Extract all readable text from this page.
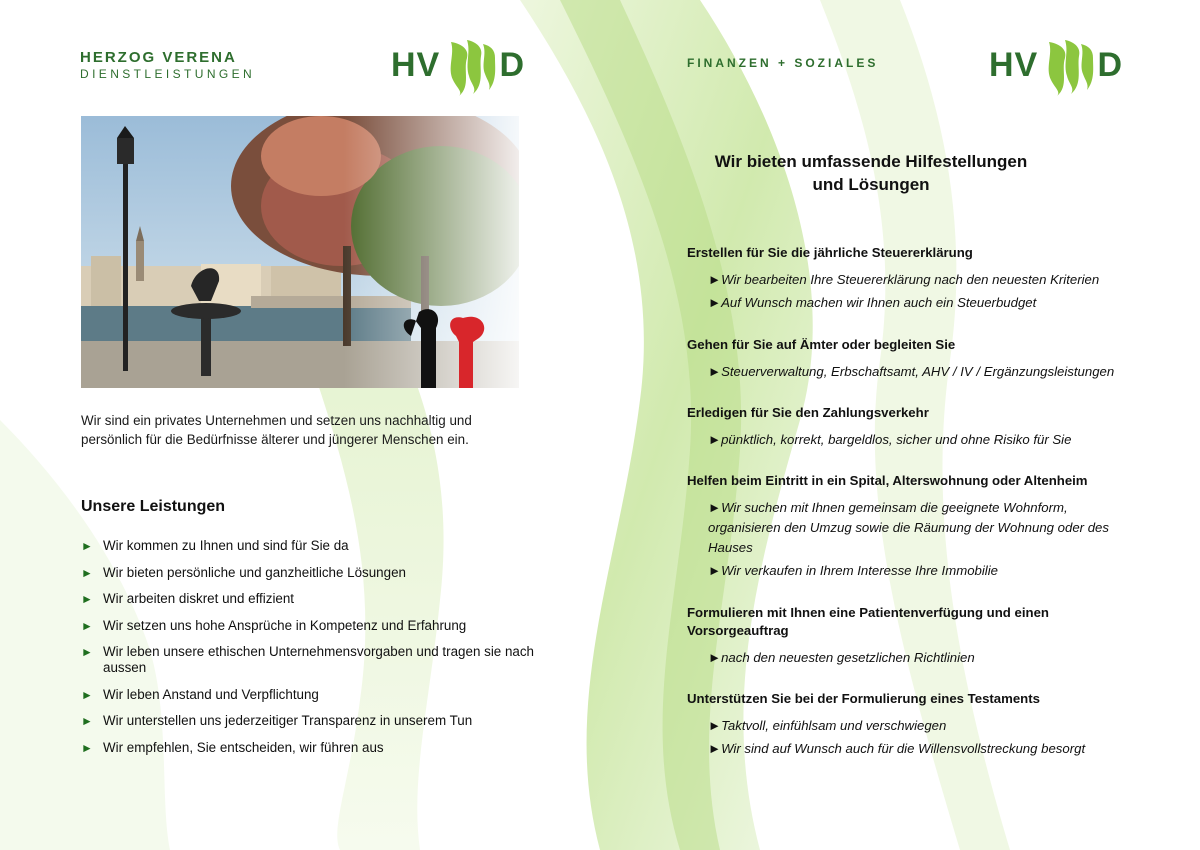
HERZOG VERENA
DIENSTLEISTUNGEN	HV D
Wir sind ein privates Unternehmen und setzen uns nachhaltig und persönlich für die Bedürfnisse älterer und jüngerer Menschen ein.
Unsere Leistungen
► Wir kommen zu Ihnen und sind für Sie da
► Wir bieten persönliche und ganzheitliche Lösungen
► Wir arbeiten diskret und effizient
► Wir setzen uns hohe Ansprüche in Kompetenz und Erfahrung
► Wir leben unsere ethischen Unternehmensvorgaben und tragen sie nach aussen
► Wir leben Anstand und Verpflichtung
► Wir unterstellen uns jederzeitiger Transparenz in unserem Tun
► Wir empfehlen, Sie entscheiden, wir führen aus
FINANZEN + SOZIALES	HV D
Wir bieten umfassende Hilfestellungen
und Lösungen
Erstellen für Sie die jährliche Steuererklärung
►Wir bearbeiten Ihre Steuererklärung nach den neuesten Kriterien
►Auf Wunsch machen wir Ihnen auch ein Steuerbudget
Gehen für Sie auf Ämter oder begleiten Sie
►Steuerverwaltung, Erbschaftsamt, AHV / IV / Ergänzungsleistungen
Erledigen für Sie den Zahlungsverkehr
►pünktlich, korrekt, bargeldlos, sicher und ohne Risiko für Sie
Helfen beim Eintritt in ein Spital, Alterswohnung oder Altenheim
►Wir suchen mit Ihnen gemeinsam die geeignete Wohnform, organisieren den Umzug sowie die Räumung der Wohnung oder des Hauses
►Wir verkaufen in Ihrem Interesse Ihre Immobilie
Formulieren mit Ihnen eine Patientenverfügung und einen Vorsorgeauftrag
►nach den neuesten gesetzlichen Richtlinien
Unterstützen Sie bei der Formulierung eines Testaments
►Taktvoll, einfühlsam und verschwiegen
►Wir sind auf Wunsch auch für die Willensvollstreckung besorgt
